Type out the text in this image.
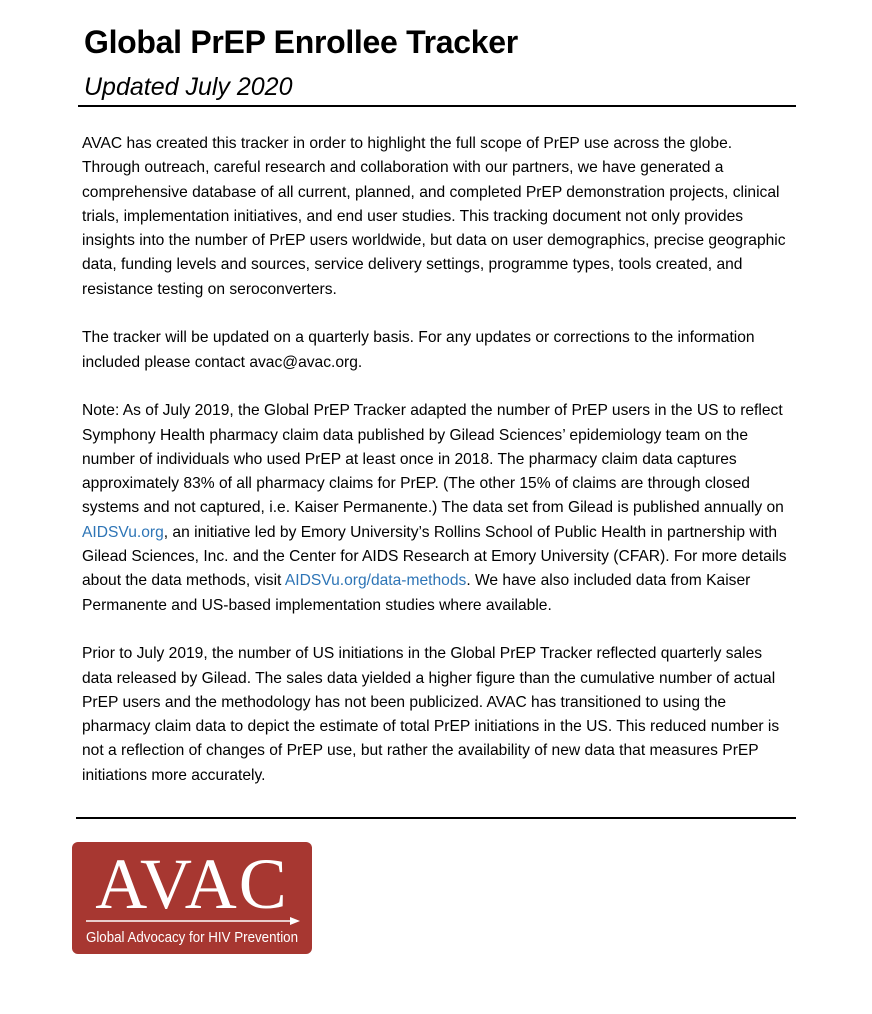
Global PrEP Enrollee Tracker
Updated July 2020

AVAC has created this tracker in order to highlight the full scope of PrEP use across the globe. Through outreach, careful research and collaboration with our partners, we have generated a comprehensive database of all current, planned, and completed PrEP demonstration projects, clinical trials, implementation initiatives, and end user studies. This tracking document not only provides insights into the number of PrEP users worldwide, but data on user demographics, precise geographic data, funding levels and sources, service delivery settings, programme types, tools created, and resistance testing on seroconverters.

The tracker will be updated on a quarterly basis. For any updates or corrections to the information included please contact avac@avac.org.

Note: As of July 2019, the Global PrEP Tracker adapted the number of PrEP users in the US to reflect Symphony Health pharmacy claim data published by Gilead Sciences’ epidemiology team on the number of individuals who used PrEP at least once in 2018. The pharmacy claim data captures approximately 83% of all pharmacy claims for PrEP. (The other 15% of claims are through closed systems and not captured, i.e. Kaiser Permanente.) The data set from Gilead is published annually on AIDSVu.org, an initiative led by Emory University’s Rollins School of Public Health in partnership with Gilead Sciences, Inc. and the Center for AIDS Research at Emory University (CFAR). For more details about the data methods, visit AIDSVu.org/data-methods. We have also included data from Kaiser Permanente and US-based implementation studies where available.

Prior to July 2019, the number of US initiations in the Global PrEP Tracker reflected quarterly sales data released by Gilead. The sales data yielded a higher figure than the cumulative number of actual PrEP users and the methodology has not been publicized. AVAC has transitioned to using the pharmacy claim data to depict the estimate of total PrEP initiations in the US. This reduced number is not a reflection of changes of PrEP use, but rather the availability of new data that measures PrEP initiations more accurately.

AVAC
Global Advocacy for HIV Prevention
